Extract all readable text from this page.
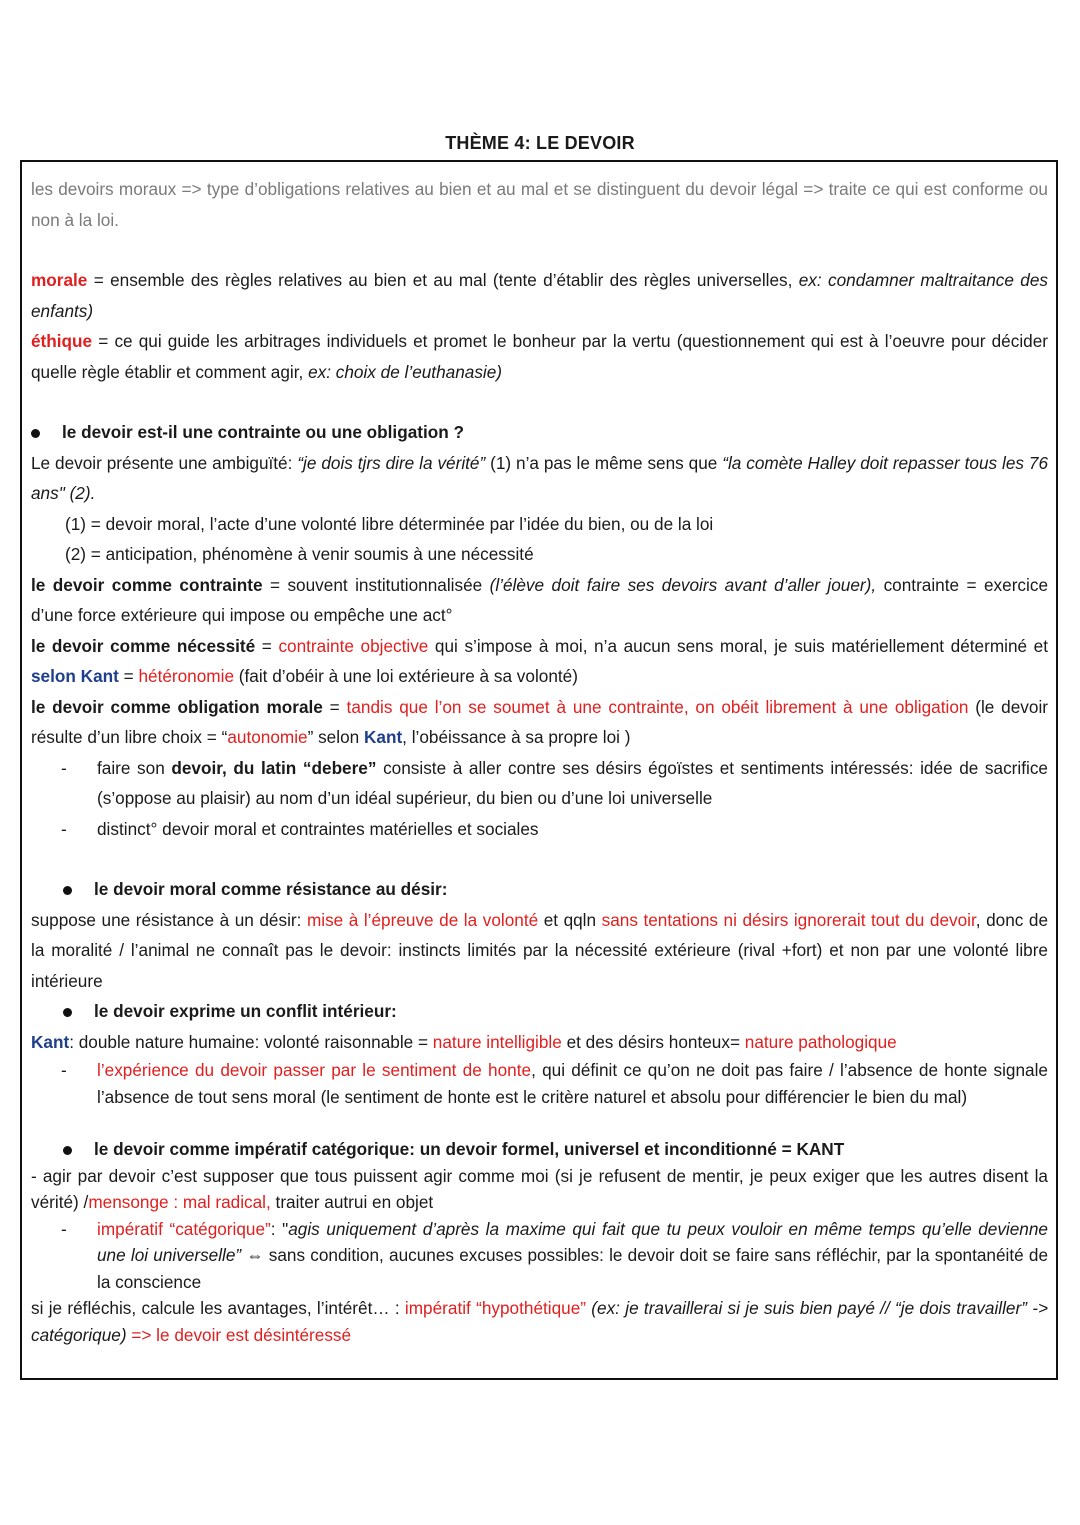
THÈME 4: LE DEVOIR

les devoirs moraux => type d’obligations relatives au bien et au mal et se distinguent du devoir légal => traite ce qui est conforme ou non à la loi.

morale = ensemble des règles relatives au bien et au mal (tente d’établir des règles universelles, ex: condamner maltraitance des enfants)

éthique = ce qui guide les arbitrages individuels et promet le bonheur par la vertu (questionnement qui est à l’oeuvre pour décider quelle règle établir et comment agir, ex: choix de l’euthanasie)

le devoir est-il une contrainte ou une obligation ?

Le devoir présente une ambiguïté: “je dois tjrs dire la vérité” (1) n’a pas le même sens que “la comète Halley doit repasser tous les 76 ans" (2).

(1) = devoir moral, l’acte d’une volonté libre déterminée par l’idée du bien, ou de la loi

(2) = anticipation, phénomène à venir soumis à une nécessité

le devoir comme contrainte = souvent institutionnalisée (l’élève doit faire ses devoirs avant d’aller jouer), contrainte = exercice d’une force extérieure qui impose ou empêche une act°

le devoir comme nécessité = contrainte objective qui s’impose à moi, n’a aucun sens moral, je suis matériellement déterminé et selon Kant = hétéronomie (fait d’obéir à une loi extérieure à sa volonté)

le devoir comme obligation morale = tandis que l’on se soumet à une contrainte, on obéit librement à une obligation (le devoir résulte d’un libre choix = “autonomie” selon Kant, l’obéissance à sa propre loi )

- faire son devoir, du latin “debere” consiste à aller contre ses désirs égoïstes et sentiments intéressés: idée de sacrifice (s’oppose au plaisir) au nom d’un idéal supérieur, du bien ou d’une loi universelle

- distinct° devoir moral et contraintes matérielles et sociales

le devoir moral comme résistance au désir:

suppose une résistance à un désir: mise à l’épreuve de la volonté et qqln sans tentations ni désirs ignorerait tout du devoir, donc de la moralité / l’animal ne connaît pas le devoir: instincts limités par la nécessité extérieure (rival +fort) et non par une volonté libre intérieure

le devoir exprime un conflit intérieur:

Kant: double nature humaine: volonté raisonnable = nature intelligible et des désirs honteux= nature pathologique

- l’expérience du devoir passer par le sentiment de honte, qui définit ce qu’on ne doit pas faire / l’absence de honte signale l’absence de tout sens moral (le sentiment de honte est le critère naturel et absolu pour différencier le bien du mal)

le devoir comme impératif catégorique: un devoir formel, universel et inconditionné = KANT

- agir par devoir c’est supposer que tous puissent agir comme moi (si je refusent de mentir, je peux exiger que les autres disent la vérité) /mensonge : mal radical, traiter autrui en objet

- impératif “catégorique”: "agis uniquement d’après la maxime qui fait que tu peux vouloir en même temps qu’elle devienne une loi universelle” ⇔ sans condition, aucunes excuses possibles: le devoir doit se faire sans réfléchir, par la spontanéité de la conscience

si je réfléchis, calcule les avantages, l’intérêt… : impératif “hypothétique” (ex: je travaillerai si je suis bien payé // “je dois travailler” -> catégorique) => le devoir est désintéressé
